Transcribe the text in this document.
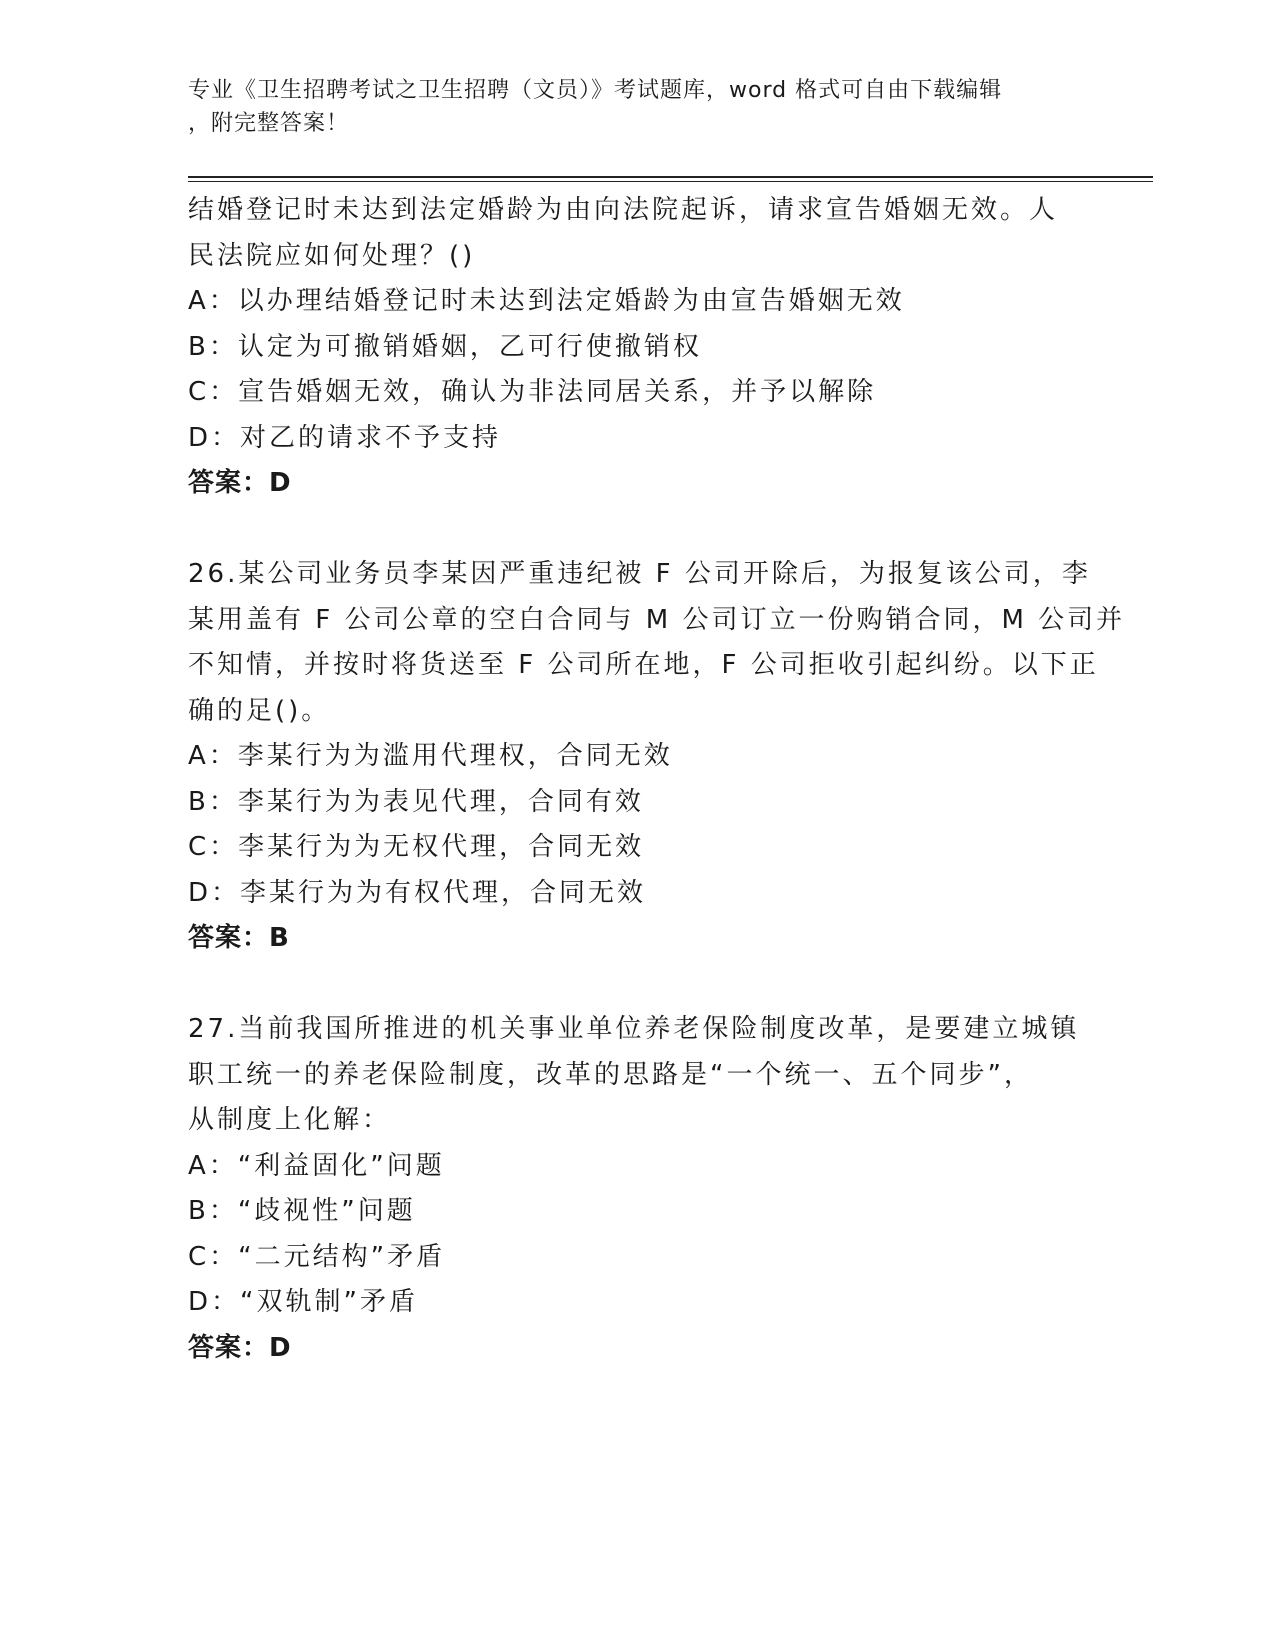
专业《卫生招聘考试之卫生招聘（文员）》考试题库，word 格式可自由下载编辑
，附完整答案！
结婚登记时未达到法定婚龄为由向法院起诉，请求宣告婚姻无效。人
民法院应如何处理？()
A：以办理结婚登记时未达到法定婚龄为由宣告婚姻无效
B：认定为可撤销婚姻，乙可行使撤销权
C：宣告婚姻无效，确认为非法同居关系，并予以解除
D：对乙的请求不予支持
答案：D
26.某公司业务员李某因严重违纪被 F 公司开除后，为报复该公司，李
某用盖有 F 公司公章的空白合同与 M 公司订立一份购销合同，M 公司并
不知情，并按时将货送至 F 公司所在地，F 公司拒收引起纠纷。以下正
确的足()。
A：李某行为为滥用代理权，合同无效
B：李某行为为表见代理，合同有效
C：李某行为为无权代理，合同无效
D：李某行为为有权代理，合同无效
答案：B
27.当前我国所推进的机关事业单位养老保险制度改革，是要建立城镇
职工统一的养老保险制度，改革的思路是“一个统一、五个同步”，
从制度上化解：
A：“利益固化”问题
B：“歧视性”问题
C：“二元结构”矛盾
D：“双轨制”矛盾
答案：D
